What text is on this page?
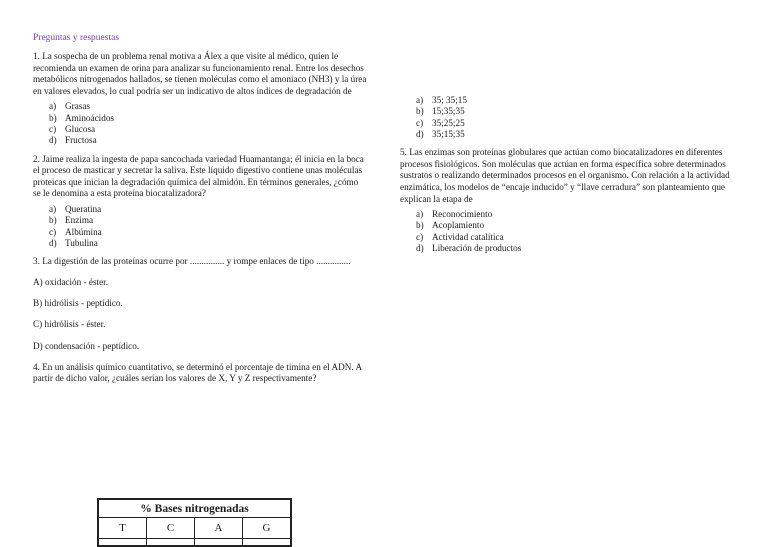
Preguntas y respuestas

1. La sospecha de un problema renal motiva a Álex a que visite al médico, quien le recomienda un examen de orina para analizar su funcionamiento renal. Entre los desechos metabólicos nitrogenados hallados, se tienen moléculas como el amoniaco (NH3) y la úrea en valores elevados, lo cual podría ser un indicativo de altos índices de degradación de

a) Grasas
b) Aminoácidos
c) Glucosa
d) Fructosa

2. Jaime realiza la ingesta de papa sancochada variedad Huamantanga; él inicia en la boca el proceso de masticar y secretar la saliva. Este líquido digestivo contiene unas moléculas proteicas que inician la degradación química del almidón. En términos generales, ¿cómo se le denomina a esta proteína biocatalizadora?

a) Queratina
b) Enzima
c) Albúmina
d) Tubulina

3. La digestión de las proteínas ocurre por ............... y rompe enlaces de tipo ...............

A) oxidación - éster.

B) hidrólisis - peptídico.

C) hidrólisis - éster.

D) condensación - peptídico.

4. En un análisis químico cuantitativo, se determinó el porcentaje de timina en el ADN. A partir de dicho valor, ¿cuáles serían los valores de X, Y y Z respectivamente?

% Bases nitrogenadas			
T	C	A	G

a) 35; 35;15
b) 15;35;35
c) 35;25;25
d) 35;15;35

5. Las enzimas son proteínas globulares que actúan como biocatalizadores en diferentes procesos fisiológicos. Son moléculas que actúan en forma específica sobre determinados sustratos o realizando determinados procesos en el organismo. Con relación a la actividad enzimática, los modelos de “encaje inducido” y “llave cerradura” son planteamiento que explican la etapa de

a) Reconocimiento
b) Acoplamiento
c) Actividad catalítica
d) Liberación de productos
